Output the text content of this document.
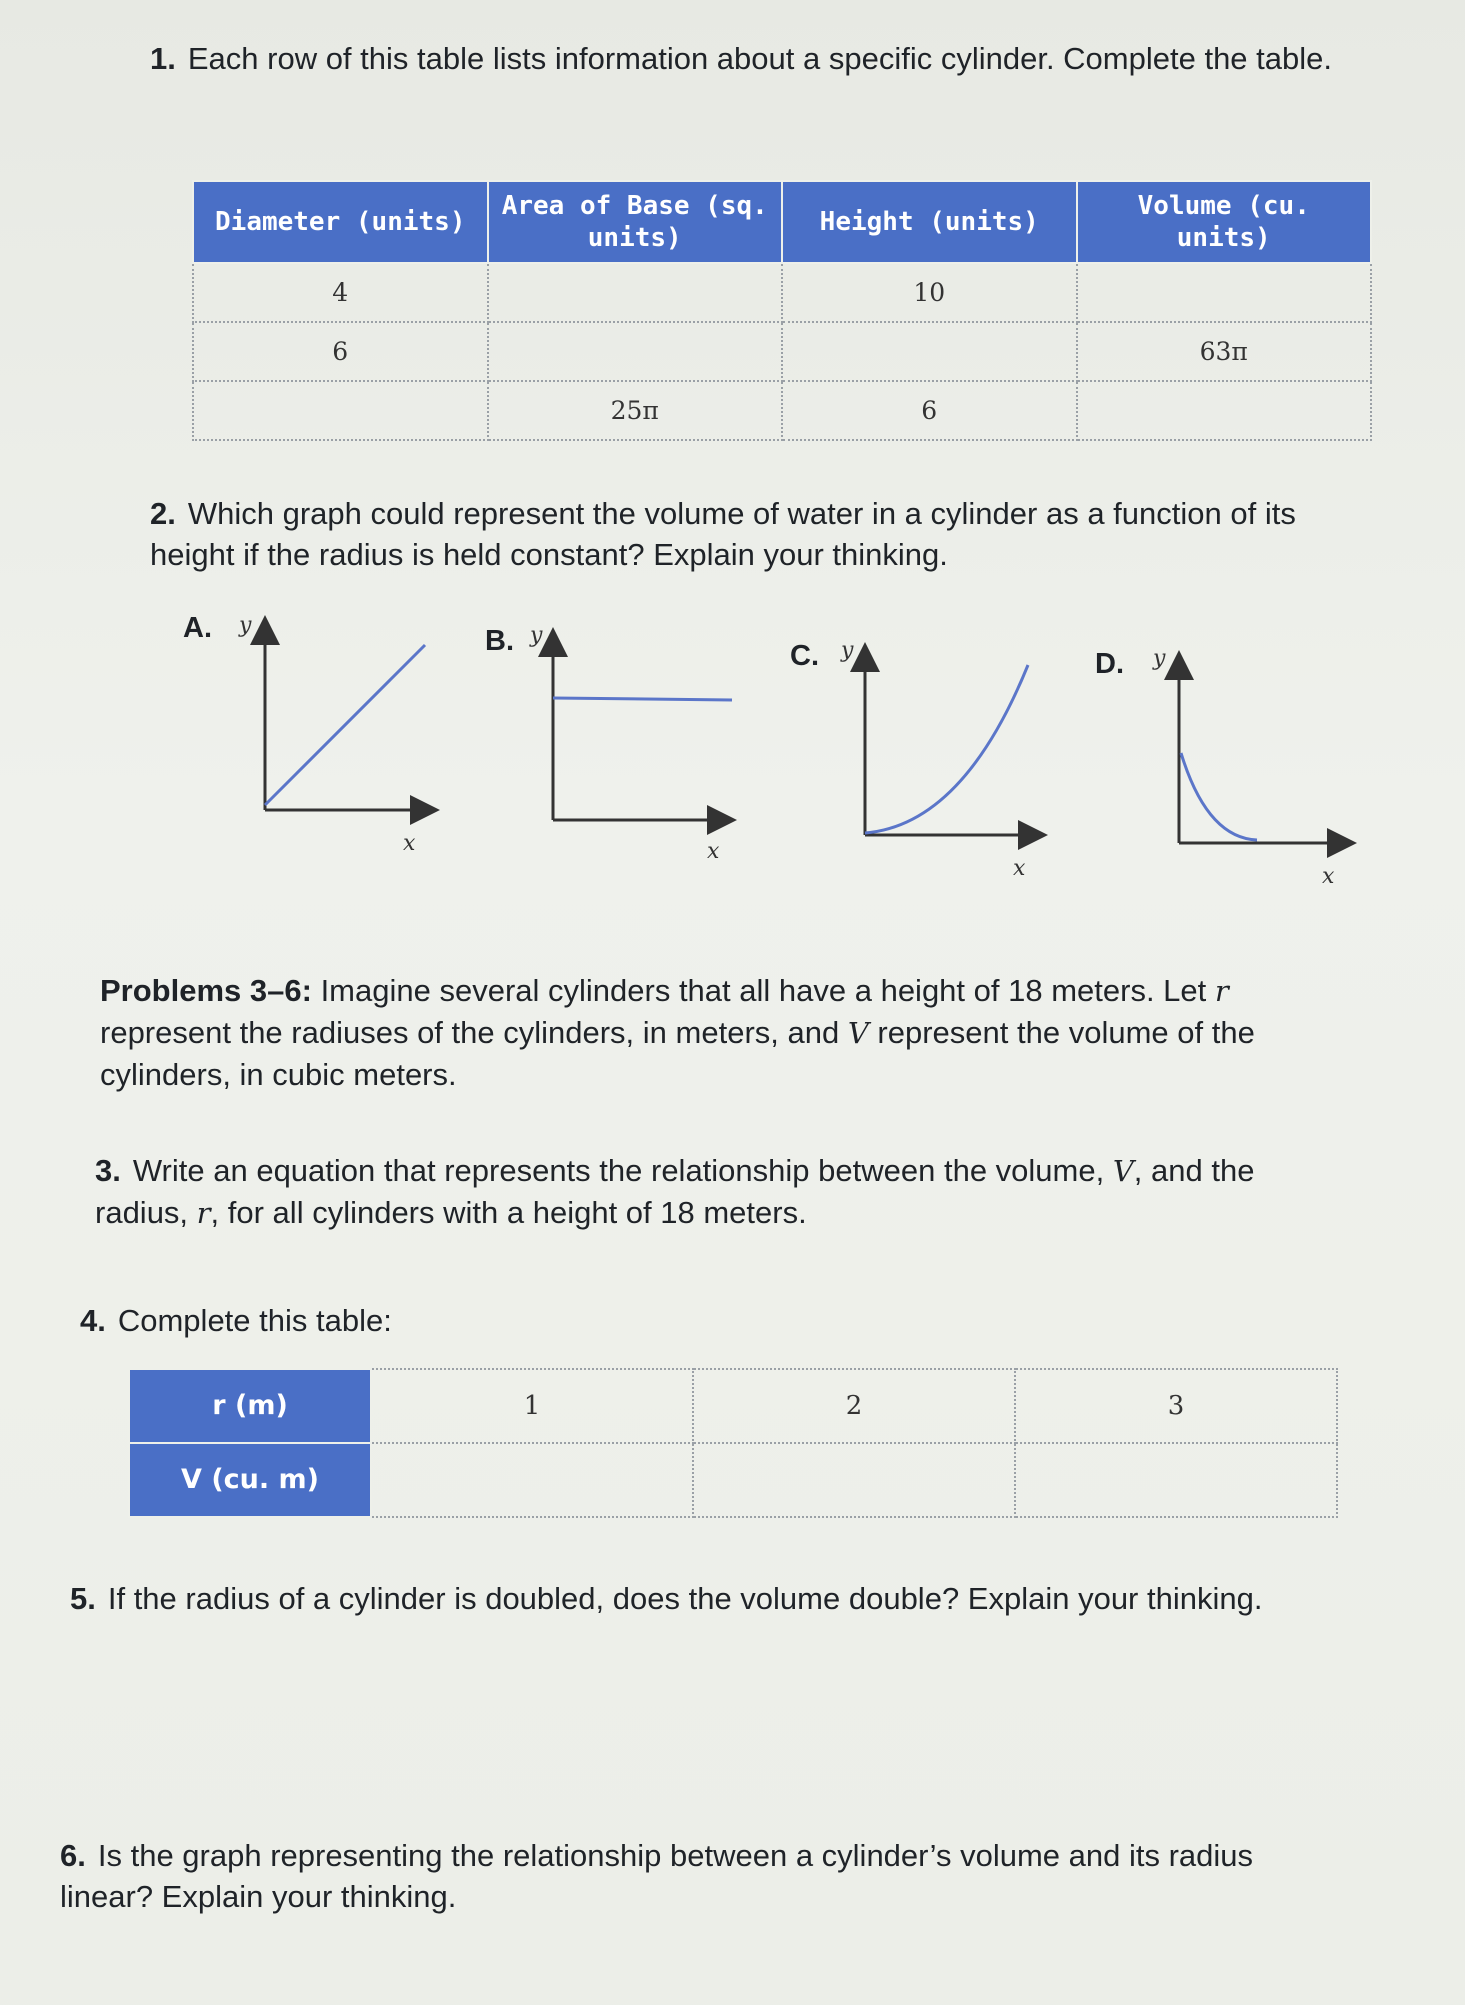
1. Each row of this table lists information about a specific cylinder. Complete the table.
Diameter (units)	Area of Base (sq. units)	Height (units)	Volume (cu. units)
4		10	
6			63π
	25π	6	
2. Which graph could represent the volume of water in a cylinder as a function of its height if the radius is held constant? Explain your thinking.
A. y
x
B. y
x
C. y
x
D. y
x
Problems 3–6: Imagine several cylinders that all have a height of 18 meters. Let r represent the radiuses of the cylinders, in meters, and V represent the volume of the cylinders, in cubic meters.
3. Write an equation that represents the relationship between the volume, V, and the radius, r, for all cylinders with a height of 18 meters.
4. Complete this table:
r (m)	1	2	3
V (cu. m)			
5. If the radius of a cylinder is doubled, does the volume double? Explain your thinking.
6. Is the graph representing the relationship between a cylinder’s volume and its radius linear? Explain your thinking.
